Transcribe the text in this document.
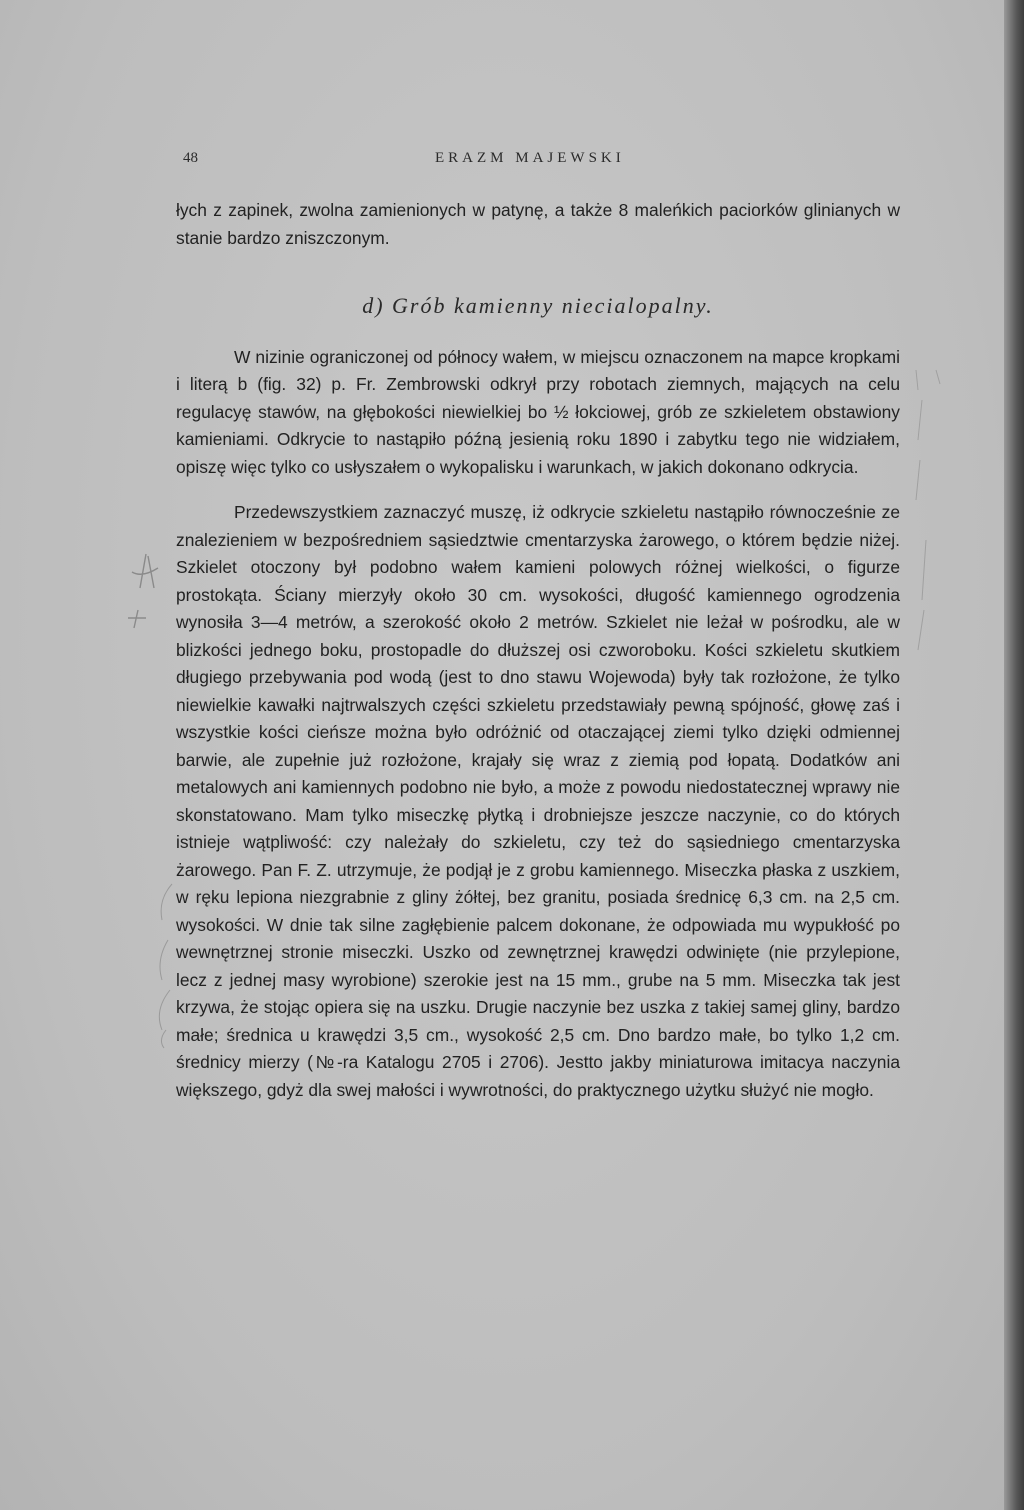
48	ERAZM MAJEWSKI

łych z zapinek, zwolna zamienionych w patynę, a także 8 maleńkich paciorków glinianych w stanie bardzo zniszczonym.

d) Grób kamienny niecialopalny.

W nizinie ograniczonej od północy wałem, w miejscu oznaczonem na mapce kropkami i literą b (fig. 32) p. Fr. Zembrowski odkrył przy robotach ziemnych, mających na celu regulacyę stawów, na głębokości niewielkiej bo ½ łokciowej, grób ze szkieletem obstawiony kamieniami. Odkrycie to nastąpiło późną jesienią roku 1890 i zabytku tego nie widziałem, opiszę więc tylko co usłyszałem o wykopalisku i warunkach, w jakich dokonano odkrycia.

Przedewszystkiem zaznaczyć muszę, iż odkrycie szkieletu nastąpiło równocześnie ze znalezieniem w bezpośredniem sąsiedztwie cmentarzyska żarowego, o którem będzie niżej. Szkielet otoczony był podobno wałem kamieni polowych różnej wielkości, o figurze prostokąta. Ściany mierzyły około 30 cm. wysokości, długość kamiennego ogrodzenia wynosiła 3—4 metrów, a szerokość około 2 metrów. Szkielet nie leżał w pośrodku, ale w blizkości jednego boku, prostopadle do dłuższej osi czworoboku. Kości szkieletu skutkiem długiego przebywania pod wodą (jest to dno stawu Wojewoda) były tak rozłożone, że tylko niewielkie kawałki najtrwalszych części szkieletu przedstawiały pewną spójność, głowę zaś i wszystkie kości cieńsze można było odróżnić od otaczającej ziemi tylko dzięki odmiennej barwie, ale zupełnie już rozłożone, krajały się wraz z ziemią pod łopatą. Dodatków ani metalowych ani kamiennych podobno nie było, a może z powodu niedostatecznej wprawy nie skonstatowano. Mam tylko miseczkę płytką i drobniejsze jeszcze naczynie, co do których istnieje wątpliwość: czy należały do szkieletu, czy też do sąsiedniego cmentarzyska żarowego. Pan F. Z. utrzymuje, że podjął je z grobu kamiennego. Miseczka płaska z uszkiem, w ręku lepiona niezgrabnie z gliny żółtej, bez granitu, posiada średnicę 6,3 cm. na 2,5 cm. wysokości. W dnie tak silne zagłębienie palcem dokonane, że odpowiada mu wypukłość po wewnętrznej stronie miseczki. Uszko od zewnętrznej krawędzi odwinięte (nie przylepione, lecz z jednej masy wyrobione) szerokie jest na 15 mm., grube na 5 mm. Miseczka tak jest krzywa, że stojąc opiera się na uszku. Drugie naczynie bez uszka z takiej samej gliny, bardzo małe; średnica u krawędzi 3,5 cm., wysokość 2,5 cm. Dno bardzo małe, bo tylko 1,2 cm. średnicy mierzy (№-ra Katalogu 2705 i 2706). Jestto jakby miniaturowa imitacya naczynia większego, gdyż dla swej małości i wywrotności, do praktycznego użytku służyć nie mogło.
